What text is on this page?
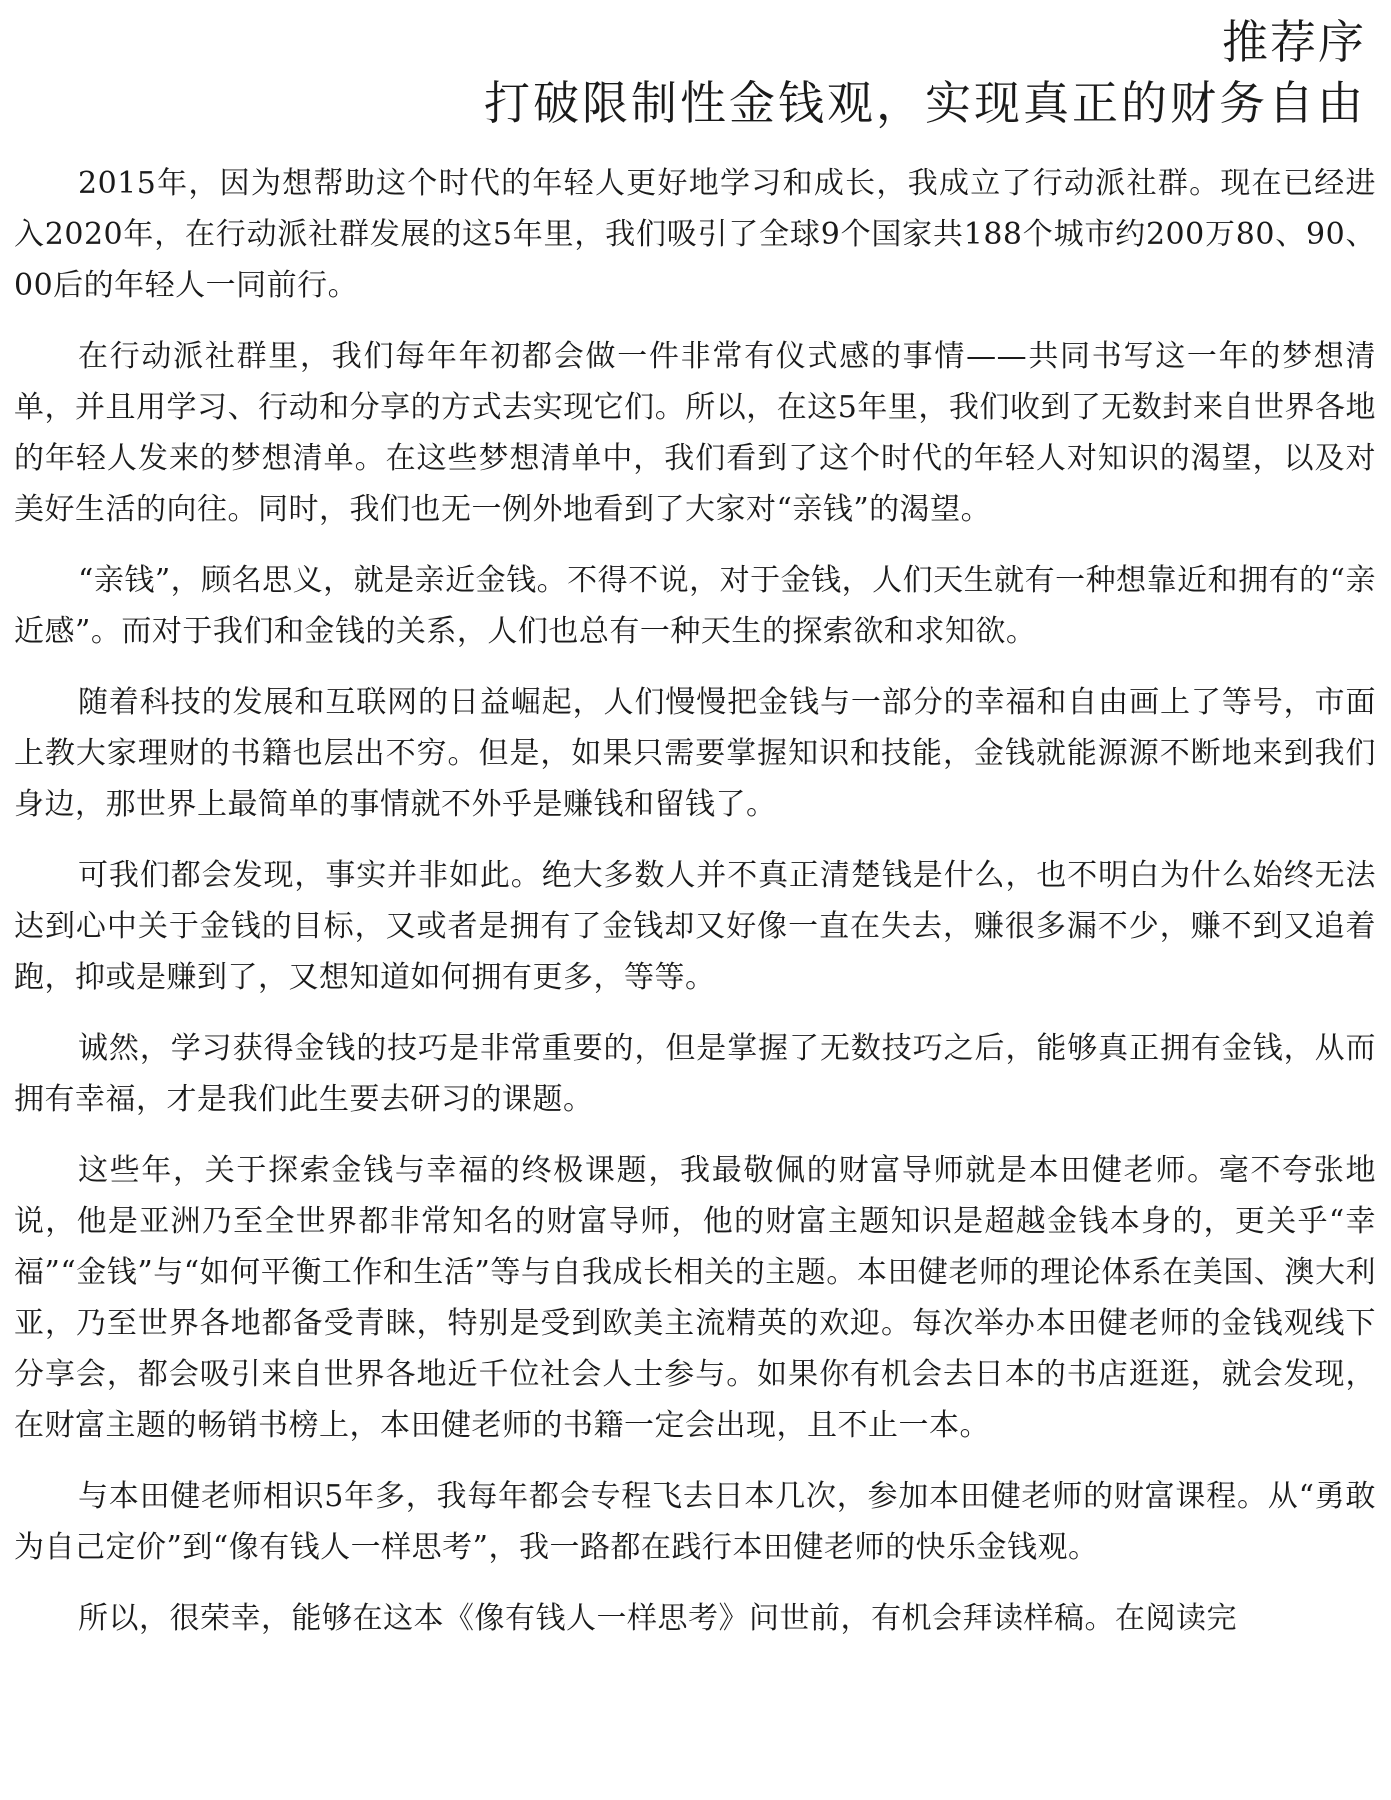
推荐序
打破限制性金钱观，实现真正的财务自由

2015年，因为想帮助这个时代的年轻人更好地学习和成长，我成立了行动派社群。现在已经进入2020年，在行动派社群发展的这5年里，我们吸引了全球9个国家共188个城市约200万80、90、00后的年轻人一同前行。

在行动派社群里，我们每年年初都会做一件非常有仪式感的事情——共同书写这一年的梦想清单，并且用学习、行动和分享的方式去实现它们。所以，在这5年里，我们收到了无数封来自世界各地的年轻人发来的梦想清单。在这些梦想清单中，我们看到了这个时代的年轻人对知识的渴望，以及对美好生活的向往。同时，我们也无一例外地看到了大家对“亲钱”的渴望。

“亲钱”，顾名思义，就是亲近金钱。不得不说，对于金钱，人们天生就有一种想靠近和拥有的“亲近感”。而对于我们和金钱的关系，人们也总有一种天生的探索欲和求知欲。

随着科技的发展和互联网的日益崛起，人们慢慢把金钱与一部分的幸福和自由画上了等号，市面上教大家理财的书籍也层出不穷。但是，如果只需要掌握知识和技能，金钱就能源源不断地来到我们身边，那世界上最简单的事情就不外乎是赚钱和留钱了。

可我们都会发现，事实并非如此。绝大多数人并不真正清楚钱是什么，也不明白为什么始终无法达到心中关于金钱的目标，又或者是拥有了金钱却又好像一直在失去，赚很多漏不少，赚不到又追着跑，抑或是赚到了，又想知道如何拥有更多，等等。

诚然，学习获得金钱的技巧是非常重要的，但是掌握了无数技巧之后，能够真正拥有金钱，从而拥有幸福，才是我们此生要去研习的课题。

这些年，关于探索金钱与幸福的终极课题，我最敬佩的财富导师就是本田健老师。毫不夸张地说，他是亚洲乃至全世界都非常知名的财富导师，他的财富主题知识是超越金钱本身的，更关乎“幸福”“金钱”与“如何平衡工作和生活”等与自我成长相关的主题。本田健老师的理论体系在美国、澳大利亚，乃至世界各地都备受青睐，特别是受到欧美主流精英的欢迎。每次举办本田健老师的金钱观线下分享会，都会吸引来自世界各地近千位社会人士参与。如果你有机会去日本的书店逛逛，就会发现，在财富主题的畅销书榜上，本田健老师的书籍一定会出现，且不止一本。

与本田健老师相识5年多，我每年都会专程飞去日本几次，参加本田健老师的财富课程。从“勇敢为自己定价”到“像有钱人一样思考”，我一路都在践行本田健老师的快乐金钱观。

所以，很荣幸，能够在这本《像有钱人一样思考》问世前，有机会拜读样稿。在阅读完
